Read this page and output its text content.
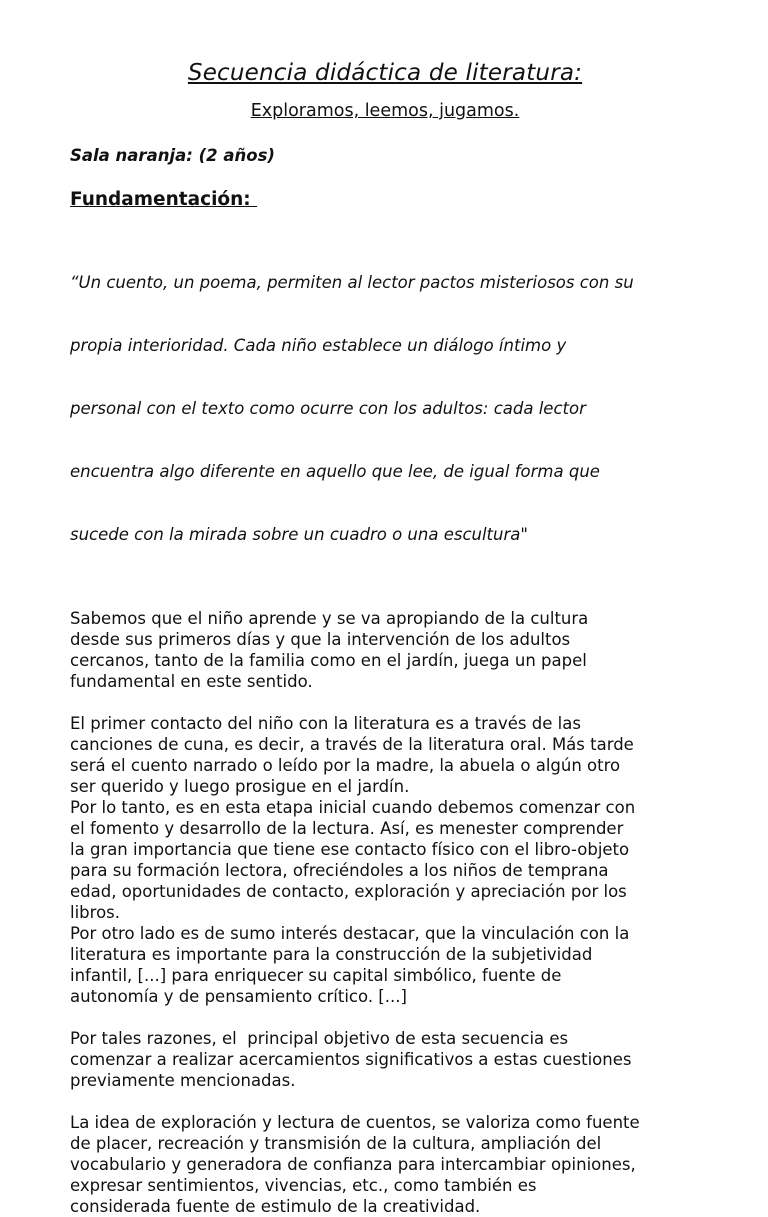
Secuencia didáctica de literatura:
Exploramos, leemos, jugamos.

Sala naranja: (2 años)

Fundamentación:

“Un cuento, un poema, permiten al lector pactos misteriosos con su

propia interioridad. Cada niño establece un diálogo íntimo y

personal con el texto como ocurre con los adultos: cada lector

encuentra algo diferente en aquello que lee, de igual forma que

sucede con la mirada sobre un cuadro o una escultura"

Sabemos que el niño aprende y se va apropiando de la cultura
desde sus primeros días y que la intervención de los adultos
cercanos, tanto de la familia como en el jardín, juega un papel
fundamental en este sentido.
El primer contacto del niño con la literatura es a través de las
canciones de cuna, es decir, a través de la literatura oral. Más tarde
será el cuento narrado o leído por la madre, la abuela o algún otro
ser querido y luego prosigue en el jardín.
Por lo tanto, es en esta etapa inicial cuando debemos comenzar con
el fomento y desarrollo de la lectura. Así, es menester comprender
la gran importancia que tiene ese contacto físico con el libro-objeto
para su formación lectora, ofreciéndoles a los niños de temprana
edad, oportunidades de contacto, exploración y apreciación por los
libros.
Por otro lado es de sumo interés destacar, que la vinculación con la
literatura es importante para la construcción de la subjetividad
infantil, [...] para enriquecer su capital simbólico, fuente de
autonomía y de pensamiento crítico. [...]
Por tales razones, el  principal objetivo de esta secuencia es
comenzar a realizar acercamientos significativos a estas cuestiones
previamente mencionadas.
La idea de exploración y lectura de cuentos, se valoriza como fuente
de placer, recreación y transmisión de la cultura, ampliación del
vocabulario y generadora de confianza para intercambiar opiniones,
expresar sentimientos, vivencias, etc., como también es
considerada fuente de estimulo de la creatividad.
